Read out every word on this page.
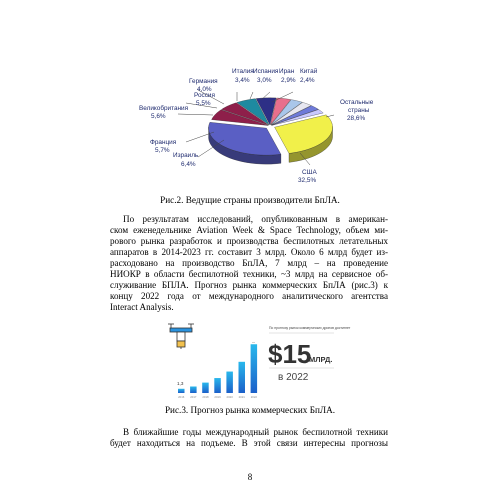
Италия
3,4%
Испания
3,0%
Иран
2,9%
Китай
2,4%
Германия
4,0%
Россия
5,5%
Великобритания
5,6%
Франция
5,7%
Израиль
6,4%
США
32,5%
Остальные
страны
28,6%
Рис.2. Ведущие страны производители БпЛА.
По результатам исследований, опубликованным в американ-
ском еженедельнике Aviation Week & Space Technology, объем ми-
рового рынка разработок и производства беспилотных летательных
аппаратов в 2014-2023 гг. составит 3 млрд. Около 6 млрд будет из-
расходовано на производство БпЛА, 7 млрд – на проведение
НИОКР в области беспилотной техники, ~3 млрд на сервисное об-
служивание БПЛА. Прогноз рынка коммерческих БпЛА (рис.3) к
концу 2022 года от международного аналитического агентства
Interact Analysis.
2016 2017 2018 2019 2020 2021 2022
1,3
...
По прогнозу рынок коммерческих дронов достигнет
$15
МЛРД.
в 2022
Рис.3. Прогноз рынка коммерческих БпЛА.
В ближайшие годы международный рынок беспилотной техники
будет находиться на подъеме. В этой связи интересны прогнозы
8
